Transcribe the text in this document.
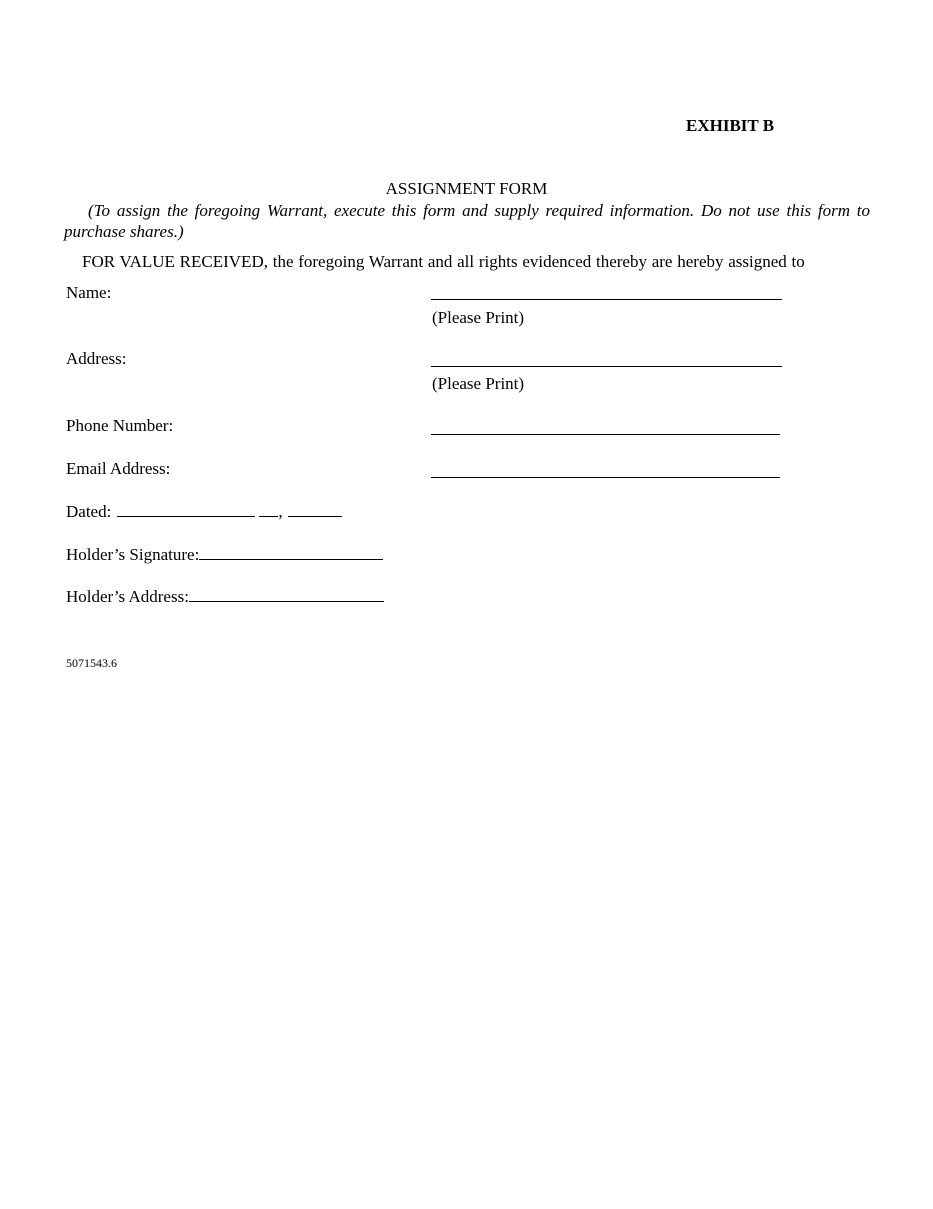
EXHIBIT B
ASSIGNMENT FORM
(To assign the foregoing Warrant, execute this form and supply required information. Do not use this form to purchase shares.)
FOR VALUE RECEIVED, the foregoing Warrant and all rights evidenced thereby are hereby assigned to
Name:
(Please Print)
Address:
(Please Print)
Phone Number:
Email Address:
Dated:	,
Holder’s Signature:
Holder’s Address:
5071543.6
